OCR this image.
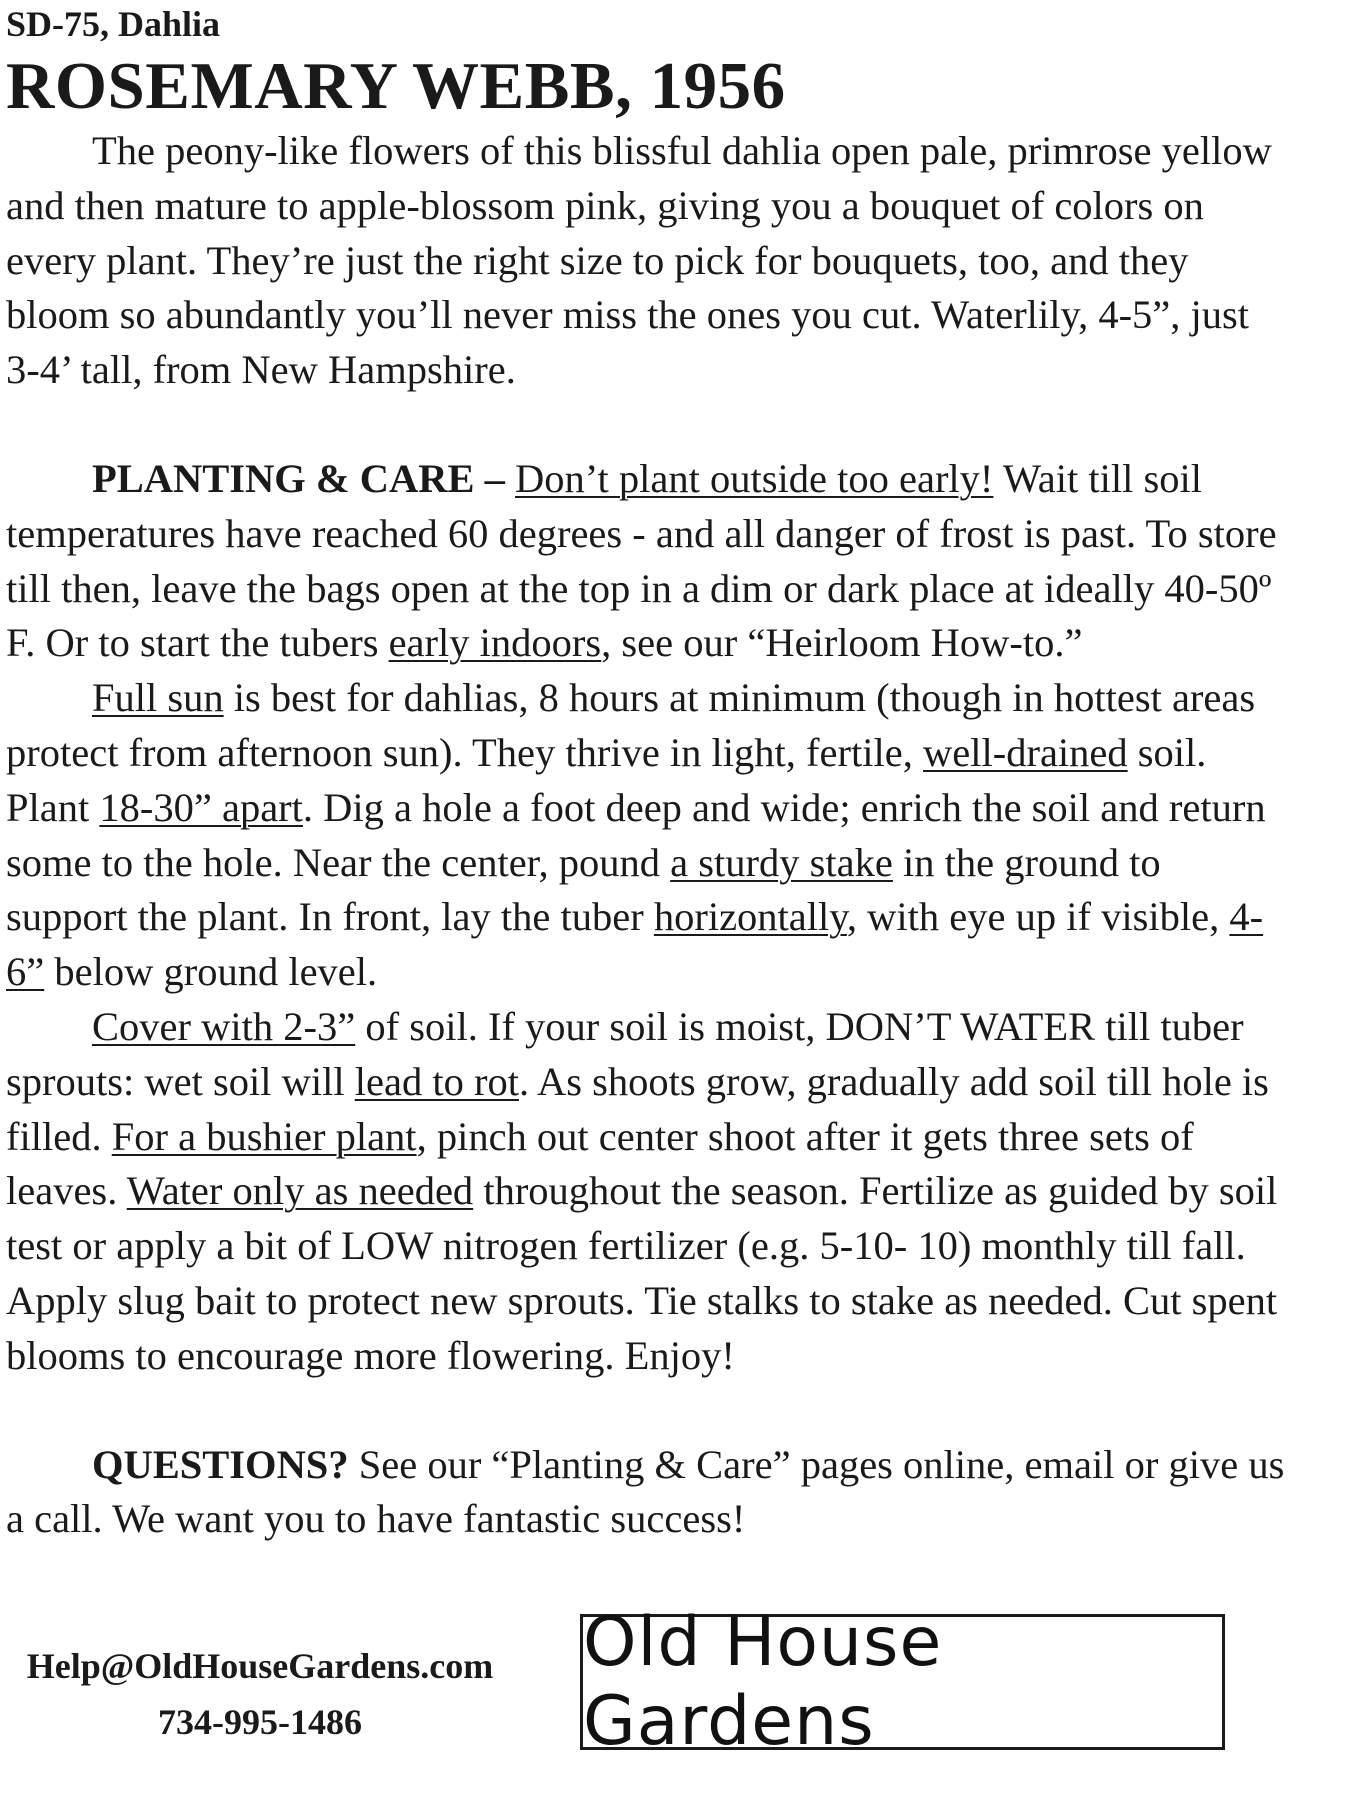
SD-75, Dahlia

ROSEMARY WEBB, 1956

The peony-like flowers of this blissful dahlia open pale, primrose yellow and then mature to apple-blossom pink, giving you a bouquet of colors on every plant. They’re just the right size to pick for bouquets, too, and they bloom so abundantly you’ll never miss the ones you cut. Waterlily, 4-5”, just 3-4’ tall, from New Hampshire.

PLANTING & CARE – Don’t plant outside too early! Wait till soil temperatures have reached 60 degrees - and all danger of frost is past. To store till then, leave the bags open at the top in a dim or dark place at ideally 40-50º F. Or to start the tubers early indoors, see our “Heirloom How-to.”

Full sun is best for dahlias, 8 hours at minimum (though in hottest areas protect from afternoon sun). They thrive in light, fertile, well-drained soil. Plant 18-30” apart. Dig a hole a foot deep and wide; enrich the soil and return some to the hole. Near the center, pound a sturdy stake in the ground to support the plant. In front, lay the tuber horizontally, with eye up if visible, 4-6” below ground level.

Cover with 2-3” of soil. If your soil is moist, DON’T WATER till tuber sprouts: wet soil will lead to rot. As shoots grow, gradually add soil till hole is filled. For a bushier plant, pinch out center shoot after it gets three sets of leaves. Water only as needed throughout the season. Fertilize as guided by soil test or apply a bit of LOW nitrogen fertilizer (e.g. 5-10- 10) monthly till fall. Apply slug bait to protect new sprouts. Tie stalks to stake as needed. Cut spent blooms to encourage more flowering. Enjoy!

QUESTIONS? See our “Planting & Care” pages online, email or give us a call. We want you to have fantastic success!

Help@OldHouseGardens.com
734-995-1486
Old House Gardens
